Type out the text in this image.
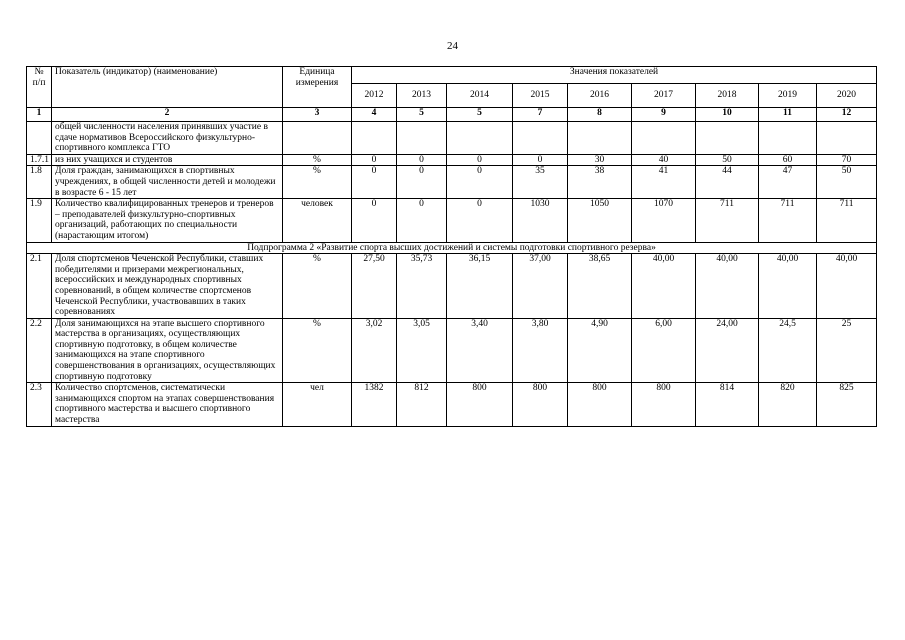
24
№ п/п	Показатель (индикатор) (наименование)	Единица измерения	Значения показателей								
			2012	2013	2014	2015	2016	2017	2018	2019	2020
1	2	3	4	5	5	7	8	9	10	11	12
	общей численности населения принявших участие в сдаче нормативов Всероссийского физкультурно-спортивного комплекса ГТО										
1.7.1	из них учащихся и студентов	%	0	0	0	0	30	40	50	60	70
1.8	Доля граждан, занимающихся в спортивных учреждениях, в общей численности детей и молодежи в возрасте 6 - 15 лет	%	0	0	0	35	38	41	44	47	50
1.9	Количество квалифицированных тренеров и тренеров – преподавателей физкультурно-спортивных организаций, работающих по специальности (нарастающим итогом)	человек	0	0	0	1030	1050	1070	711	711	711
Подпрограмма 2 «Развитие спорта высших достижений и системы подготовки спортивного резерва»											
2.1	Доля спортсменов Чеченской Республики, ставших победителями и призерами межрегиональных, всероссийских и международных спортивных соревнований, в общем количестве спортсменов Чеченской Республики, участвовавших в таких соревнованиях	%	27,50	35,73	36,15	37,00	38,65	40,00	40,00	40,00	40,00
2.2	Доля занимающихся на этапе высшего спортивного мастерства в организациях, осуществляющих спортивную подготовку, в общем количестве занимающихся на этапе спортивного совершенствования в организациях, осуществляющих спортивную подготовку	%	3,02	3,05	3,40	3,80	4,90	6,00	24,00	24,5	25
2.3	Количество спортсменов, систематически занимающихся спортом на этапах совершенствования спортивного мастерства и высшего спортивного мастерства	чел	1382	812	800	800	800	800	814	820	825
